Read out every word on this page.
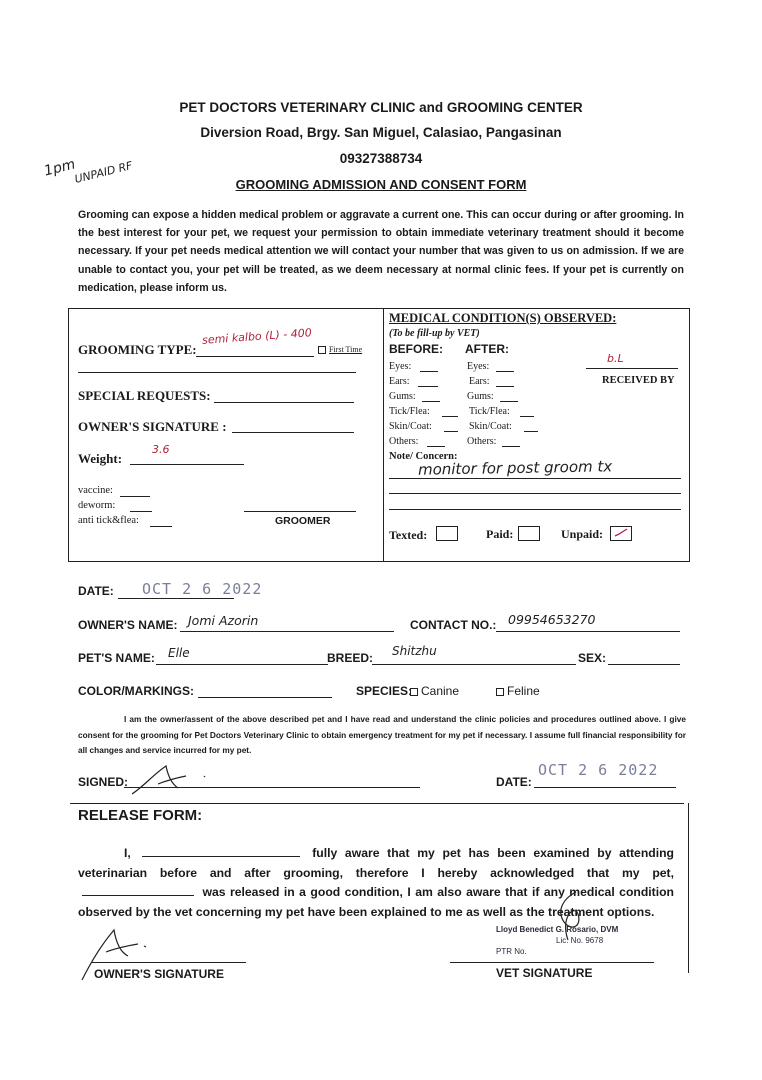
PET DOCTORS VETERINARY CLINIC and GROOMING CENTER
Diversion Road, Brgy. San Miguel, Calasiao, Pangasinan
09327388734
GROOMING ADMISSION AND CONSENT FORM
1pm
UNPAID RF
Grooming can expose a hidden medical problem or aggravate a current one. This can occur during or after grooming. In the best interest for your pet, we request your permission to obtain immediate veterinary treatment should it become necessary. If your pet needs medical attention we will contact your number that was given to us on admission. If we are unable to contact you, your pet will be treated, as we deem necessary at normal clinic fees. If your pet is currently on medication, please inform us.
GROOMING TYPE:
semi kalbo (L) - 400
First Time
SPECIAL REQUESTS:
OWNER'S SIGNATURE :
Weight:
3.6
vaccine:
deworm:
anti tick&flea:	GROOMER
MEDICAL CONDITION(S) OBSERVED:
(To be fill-up by VET)
BEFORE: AFTER:
Eyes:	Eyes:
Ears:	Ears:
Gums:	Gums:
Tick/Flea:	Tick/Flea:
Skin/Coat:	Skin/Coat:
Others:	Others:
b.L
RECEIVED BY
Note/ Concern:
monitor for post groom tx
Texted:	Paid:	Unpaid:
DATE: OCT 2 6 2022
OWNER'S NAME: Jomi Azorin	CONTACT NO.: 09954653270
PET'S NAME: Elle	BREED: Shitzhu	SEX:
COLOR/MARKINGS:	SPECIES: Canine	Feline
I am the owner/assent of the above described pet and I have read and understand the clinic policies and procedures outlined above. I give consent for the grooming for Pet Doctors Veterinary Clinic to obtain emergency treatment for my pet if necessary. I assume full financial responsibility for all changes and service incurred for my pet.
SIGNED:	DATE:
OCT 2 6 2022
RELEASE FORM:
I,	fully aware that my pet has been examined by attending veterinarian before and after grooming, therefore I hereby acknowledged that my pet,  was released in a good condition, I am also aware that if any medical condition observed by the vet concerning my pet have been explained to me as well as the treatment options.
Lloyd Benedict G. Rosario, DVM
Lic. No. 9678
PTR No.
OWNER'S SIGNATURE	VET SIGNATURE
